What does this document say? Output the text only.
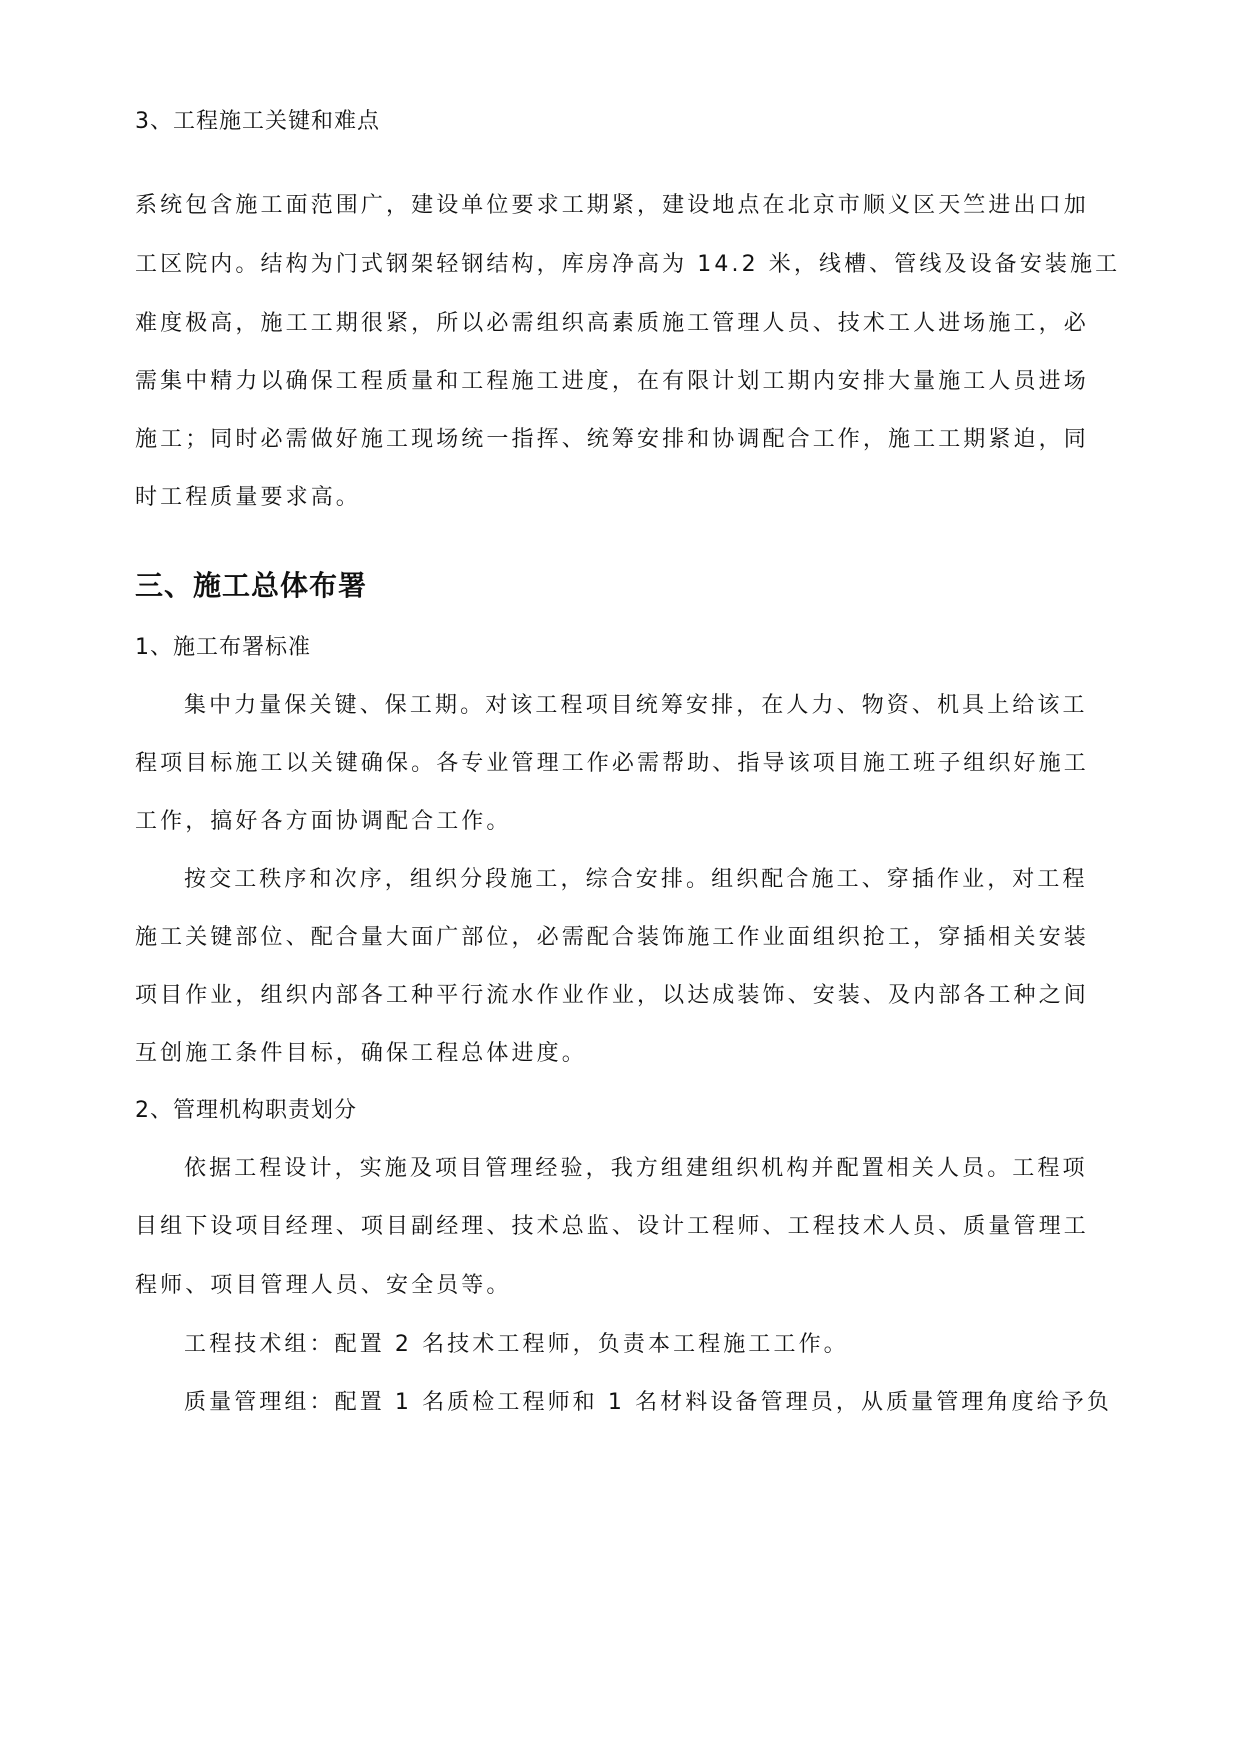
3、工程施工关键和难点
系统包含施工面范围广，建设单位要求工期紧，建设地点在北京市顺义区天竺进出口加
工区院内。结构为门式钢架轻钢结构，库房净高为 14.2 米，线槽、管线及设备安装施工
难度极高，施工工期很紧，所以必需组织高素质施工管理人员、技术工人进场施工，必
需集中精力以确保工程质量和工程施工进度，在有限计划工期内安排大量施工人员进场
施工；同时必需做好施工现场统一指挥、统筹安排和协调配合工作，施工工期紧迫，同
时工程质量要求高。
三、施工总体布署
1、施工布署标准
集中力量保关键、保工期。对该工程项目统筹安排，在人力、物资、机具上给该工
程项目标施工以关键确保。各专业管理工作必需帮助、指导该项目施工班子组织好施工
工作，搞好各方面协调配合工作。
按交工秩序和次序，组织分段施工，综合安排。组织配合施工、穿插作业，对工程
施工关键部位、配合量大面广部位，必需配合装饰施工作业面组织抢工，穿插相关安装
项目作业，组织内部各工种平行流水作业作业，以达成装饰、安装、及内部各工种之间
互创施工条件目标，确保工程总体进度。
2、管理机构职责划分
依据工程设计，实施及项目管理经验，我方组建组织机构并配置相关人员。工程项
目组下设项目经理、项目副经理、技术总监、设计工程师、工程技术人员、质量管理工
程师、项目管理人员、安全员等。
工程技术组：配置 2 名技术工程师，负责本工程施工工作。
质量管理组：配置 1 名质检工程师和 1 名材料设备管理员，从质量管理角度给予负
